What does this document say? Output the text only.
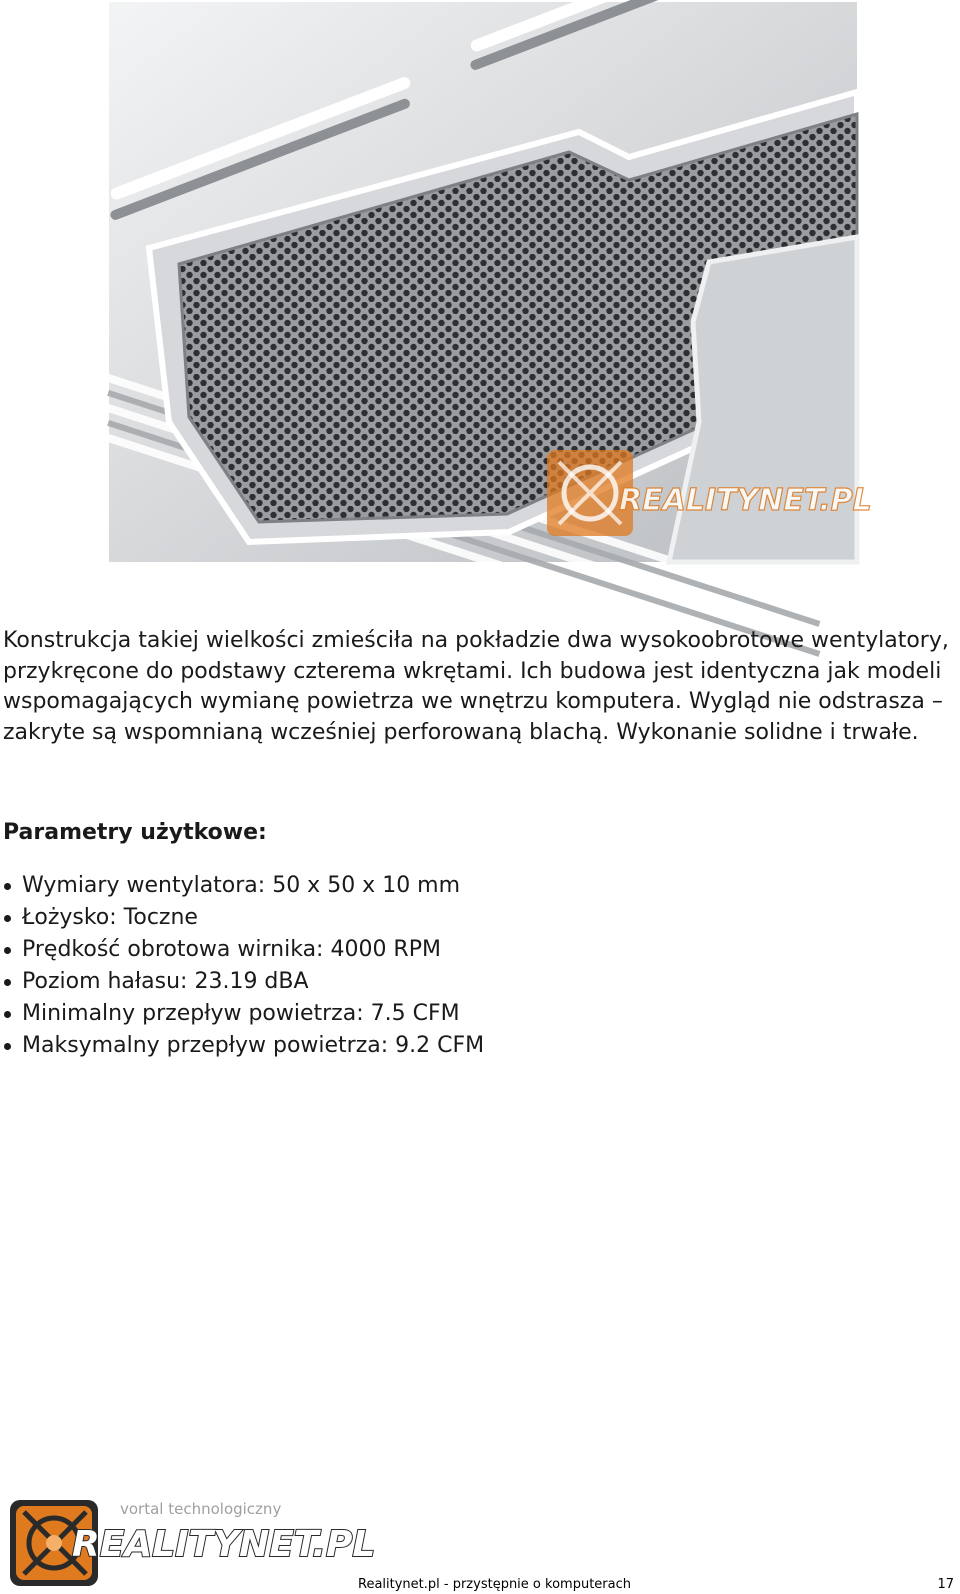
REALITYNET.PL

Konstrukcja takiej wielkości zmieściła na pokładzie dwa wysokoobrotowe wentylatory, przykręcone do podstawy czterema wkrętami. Ich budowa jest identyczna jak modeli wspomagających wymianę powietrza we wnętrzu komputera. Wygląd nie odstrasza – zakryte są wspomnianą wcześniej perforowaną blachą. Wykonanie solidne i trwałe.

Parametry użytkowe:
Wymiary wentylatora: 50 x 50 x 10 mm
Łożysko: Toczne
Prędkość obrotowa wirnika: 4000 RPM
Poziom hałasu: 23.19 dBA
Minimalny przepływ powietrza: 7.5 CFM
Maksymalny przepływ powietrza: 9.2 CFM
vortal technologiczny
REALITYNET.PL
Realitynet.pl - przystępnie o komputerach	17
